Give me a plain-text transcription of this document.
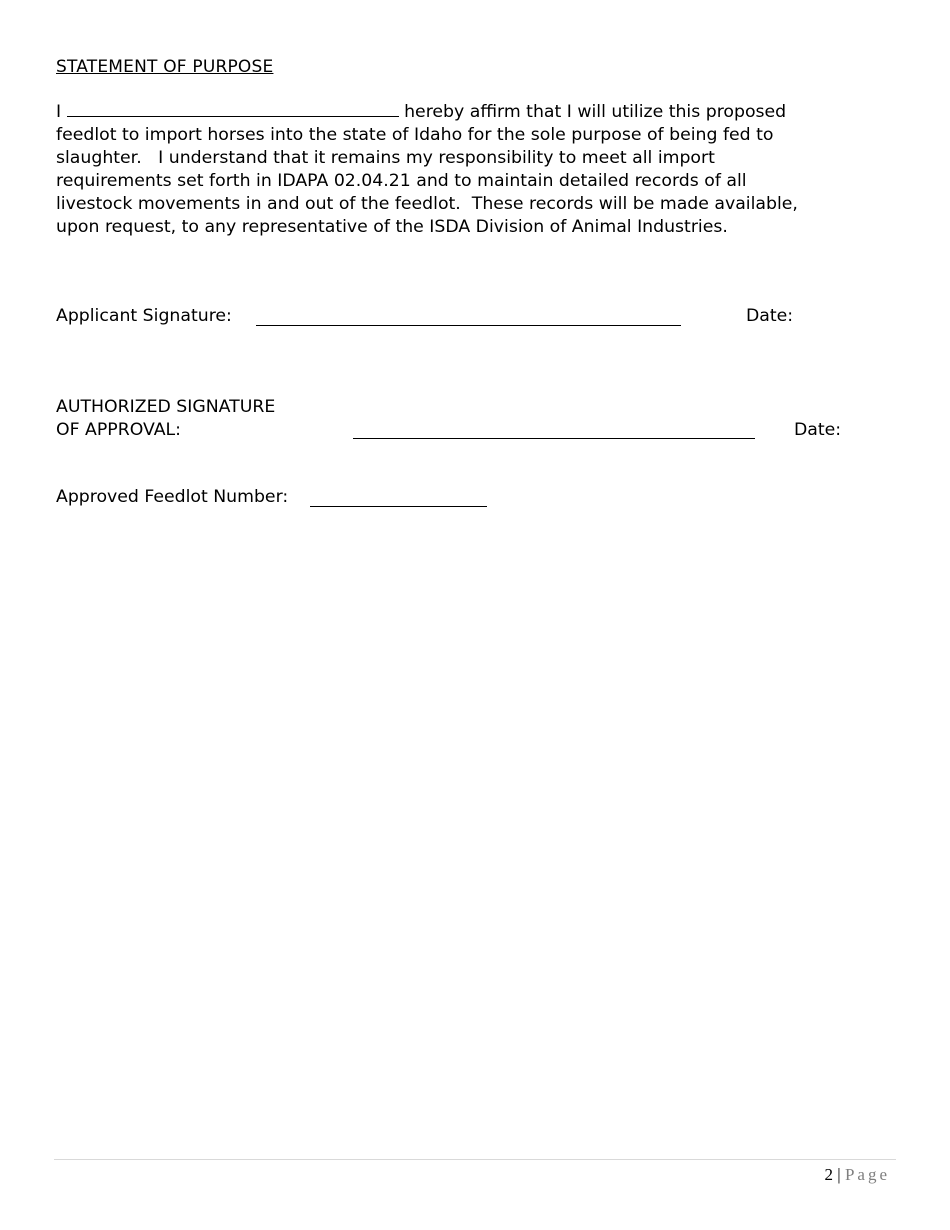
STATEMENT OF PURPOSE
I	hereby affirm that I will utilize this proposed
feedlot to import horses into the state of Idaho for the sole purpose of being fed to
slaughter.   I understand that it remains my responsibility to meet all import
requirements set forth in IDAPA 02.04.21 and to maintain detailed records of all
livestock movements in and out of the feedlot.  These records will be made available,
upon request, to any representative of the ISDA Division of Animal Industries.
Applicant Signature:	Date:
AUTHORIZED SIGNATURE
OF APPROVAL:	Date:
Approved Feedlot Number:
2 | Page
